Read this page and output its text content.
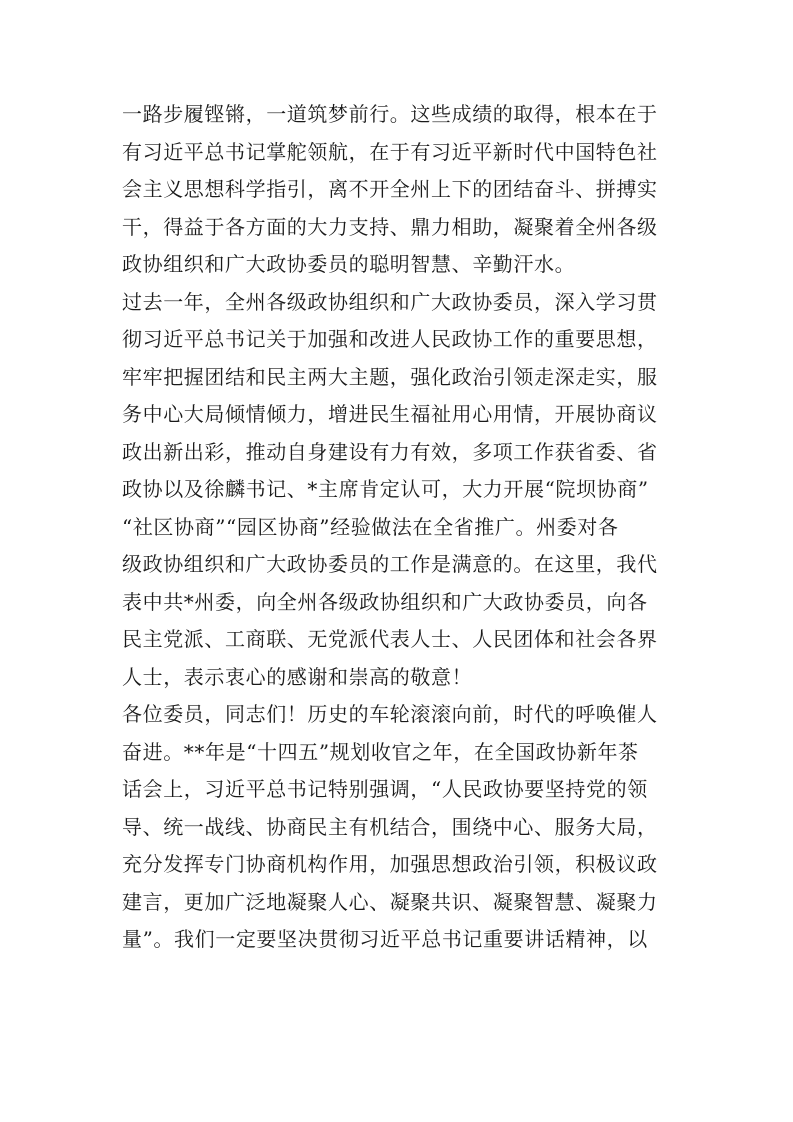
一路步履铿锵，一道筑梦前行。这些成绩的取得，根本在于
有习近平总书记掌舵领航，在于有习近平新时代中国特色社
会主义思想科学指引，离不开全州上下的团结奋斗、拼搏实
干，得益于各方面的大力支持、鼎力相助，凝聚着全州各级
政协组织和广大政协委员的聪明智慧、辛勤汗水。
过去一年，全州各级政协组织和广大政协委员，深入学习贯
彻习近平总书记关于加强和改进人民政协工作的重要思想，
牢牢把握团结和民主两大主题，强化政治引领走深走实，服
务中心大局倾情倾力，增进民生福祉用心用情，开展协商议
政出新出彩，推动自身建设有力有效，多项工作获省委、省
政协以及徐麟书记、*主席肯定认可，大力开展“院坝协商”
“社区协商”“园区协商”经验做法在全省推广。州委对各
级政协组织和广大政协委员的工作是满意的。在这里，我代
表中共*州委，向全州各级政协组织和广大政协委员，向各
民主党派、工商联、无党派代表人士、人民团体和社会各界
人士，表示衷心的感谢和崇高的敬意！
各位委员，同志们！历史的车轮滚滚向前，时代的呼唤催人
奋进。**年是“十四五”规划收官之年，在全国政协新年茶
话会上，习近平总书记特别强调，“人民政协要坚持党的领
导、统一战线、协商民主有机结合，围绕中心、服务大局，
充分发挥专门协商机构作用，加强思想政治引领，积极议政
建言，更加广泛地凝聚人心、凝聚共识、凝聚智慧、凝聚力
量”。我们一定要坚决贯彻习近平总书记重要讲话精神，以
